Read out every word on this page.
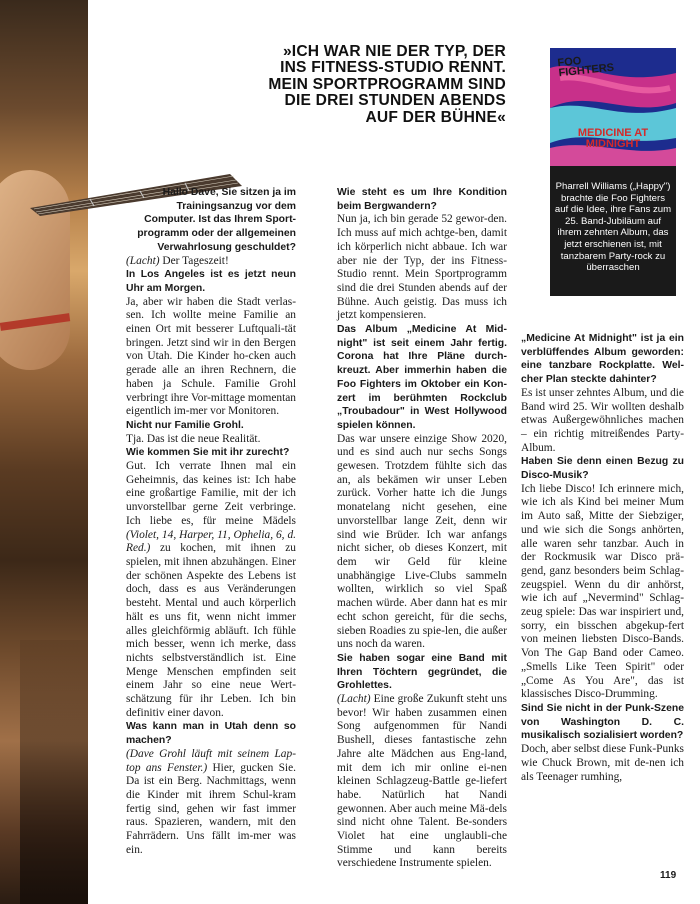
»ICH WAR NIE DER TYP, DER INS FITNESS-STUDIO RENNT. MEIN SPORTPROGRAMM SIND DIE DREI STUNDEN ABENDS AUF DER BÜHNE«
FOO FIGHTERS
MEDICINE AT MIDNIGHT
Pharrell Williams („Happy") brachte die Foo Fighters auf die Idee, ihre Fans zum 25. Band-Jubiläum auf ihrem zehnten Album, das jetzt erschienen ist, mit tanzbarem Party-rock zu überraschen

Hallo Dave, Sie sitzen ja im Trainingsanzug vor dem Computer. Ist das Ihrem Sport-programm oder der allgemeinen Verwahrlosung geschuldet?

(Lacht) Der Tageszeit!

In Los Angeles ist es jetzt neun Uhr am Morgen.

Ja, aber wir haben die Stadt verlas-sen. Ich wollte meine Familie an einen Ort mit besserer Luftquali-tät bringen. Jetzt sind wir in den Bergen von Utah. Die Kinder ho-cken auch gerade alle an ihren Rechnern, die haben ja Schule. Familie Grohl verbringt ihre Vor-mittage momentan eigentlich im-mer vor Monitoren.

Nicht nur Familie Grohl.

Tja. Das ist die neue Realität.

Wie kommen Sie mit ihr zurecht?

Gut. Ich verrate Ihnen mal ein Geheimnis, das keines ist: Ich habe eine großartige Familie, mit der ich unvorstellbar gerne Zeit verbringe. Ich liebe es, für meine Mädels (Violet, 14, Harper, 11, Ophelia, 6, d. Red.) zu kochen, mit ihnen zu spielen, mit ihnen abzuhängen. Einer der schönen Aspekte des Lebens ist doch, dass es aus Veränderungen besteht. Mental und auch körperlich hält es uns fit, wenn nicht immer alles gleichförmig abläuft. Ich fühle mich besser, wenn ich merke, dass nichts selbstverständlich ist. Eine Menge Menschen empfinden seit einem Jahr so eine neue Wert-schätzung für ihr Leben. Ich bin definitiv einer davon.

Was kann man in Utah denn so machen?

(Dave Grohl läuft mit seinem Lap-top ans Fenster.) Hier, gucken Sie. Da ist ein Berg. Nachmittags, wenn die Kinder mit ihrem Schul-kram fertig sind, gehen wir fast immer raus. Spazieren, wandern, mit den Fahrrädern. Uns fällt im-mer was ein.

Wie steht es um Ihre Kondition beim Bergwandern?

Nun ja, ich bin gerade 52 gewor-den. Ich muss auf mich achtge-ben, damit ich körperlich nicht abbaue. Ich war aber nie der Typ, der ins Fitness-Studio rennt. Mein Sportprogramm sind die drei Stunden abends auf der Bühne. Auch geistig. Das muss ich jetzt kompensieren.

Das Album „Medicine At Mid-night" ist seit einem Jahr fertig. Corona hat Ihre Pläne durch-kreuzt. Aber immerhin haben die Foo Fighters im Oktober ein Kon-zert im berühmten Rockclub „Troubadour" in West Hollywood spielen können.

Das war unsere einzige Show 2020, und es sind auch nur sechs Songs gewesen. Trotzdem fühlte sich das an, als bekämen wir unser Leben zurück. Vorher hatte ich die Jungs monatelang nicht gesehen, eine unvorstellbar lange Zeit, denn wir sind wie Brüder. Ich war anfangs nicht sicher, ob dieses Konzert, mit dem wir Geld für kleine unabhängige Live-Clubs sammeln wollten, wirklich so viel Spaß machen würde. Aber dann hat es mir echt schon gereicht, für die sechs, sieben Roadies zu spie-len, die außer uns noch da waren.

Sie haben sogar eine Band mit Ihren Töchtern gegründet, die Grohlettes.

(Lacht) Eine große Zukunft steht uns bevor! Wir haben zusammen einen Song aufgenommen für Nandi Bushell, dieses fantastische zehn Jahre alte Mädchen aus Eng-land, mit dem ich mir online ei-nen kleinen Schlagzeug-Battle ge-liefert habe. Natürlich hat Nandi gewonnen. Aber auch meine Mä-dels sind nicht ohne Talent. Be-sonders Violet hat eine unglaubli-che Stimme und kann bereits verschiedene Instrumente spielen.

„Medicine At Midnight" ist ja ein verblüffendes Album geworden: eine tanzbare Rockplatte. Wel-cher Plan steckte dahinter?

Es ist unser zehntes Album, und die Band wird 25. Wir wollten deshalb etwas Außergewöhnliches machen – ein richtig mitreißendes Party-Album.

Haben Sie denn einen Bezug zu Disco-Musik?

Ich liebe Disco! Ich erinnere mich, wie ich als Kind bei meiner Mum im Auto saß, Mitte der Siebziger, und wie sich die Songs anhörten, alle waren sehr tanzbar. Auch in der Rockmusik war Disco prä-gend, ganz besonders beim Schlag-zeugspiel. Wenn du dir anhörst, wie ich auf „Nevermind" Schlag-zeug spiele: Das war inspiriert und, sorry, ein bisschen abgekup-fert von meinen liebsten Disco-Bands. Von The Gap Band oder Cameo. „Smells Like Teen Spirit" oder „Come As You Are", das ist klassisches Disco-Drumming.

Sind Sie nicht in der Punk-Szene von Washington D. C. musikalisch sozialisiert worden?

Doch, aber selbst diese Funk-Punks wie Chuck Brown, mit de-nen ich als Teenager rumhing,

119
